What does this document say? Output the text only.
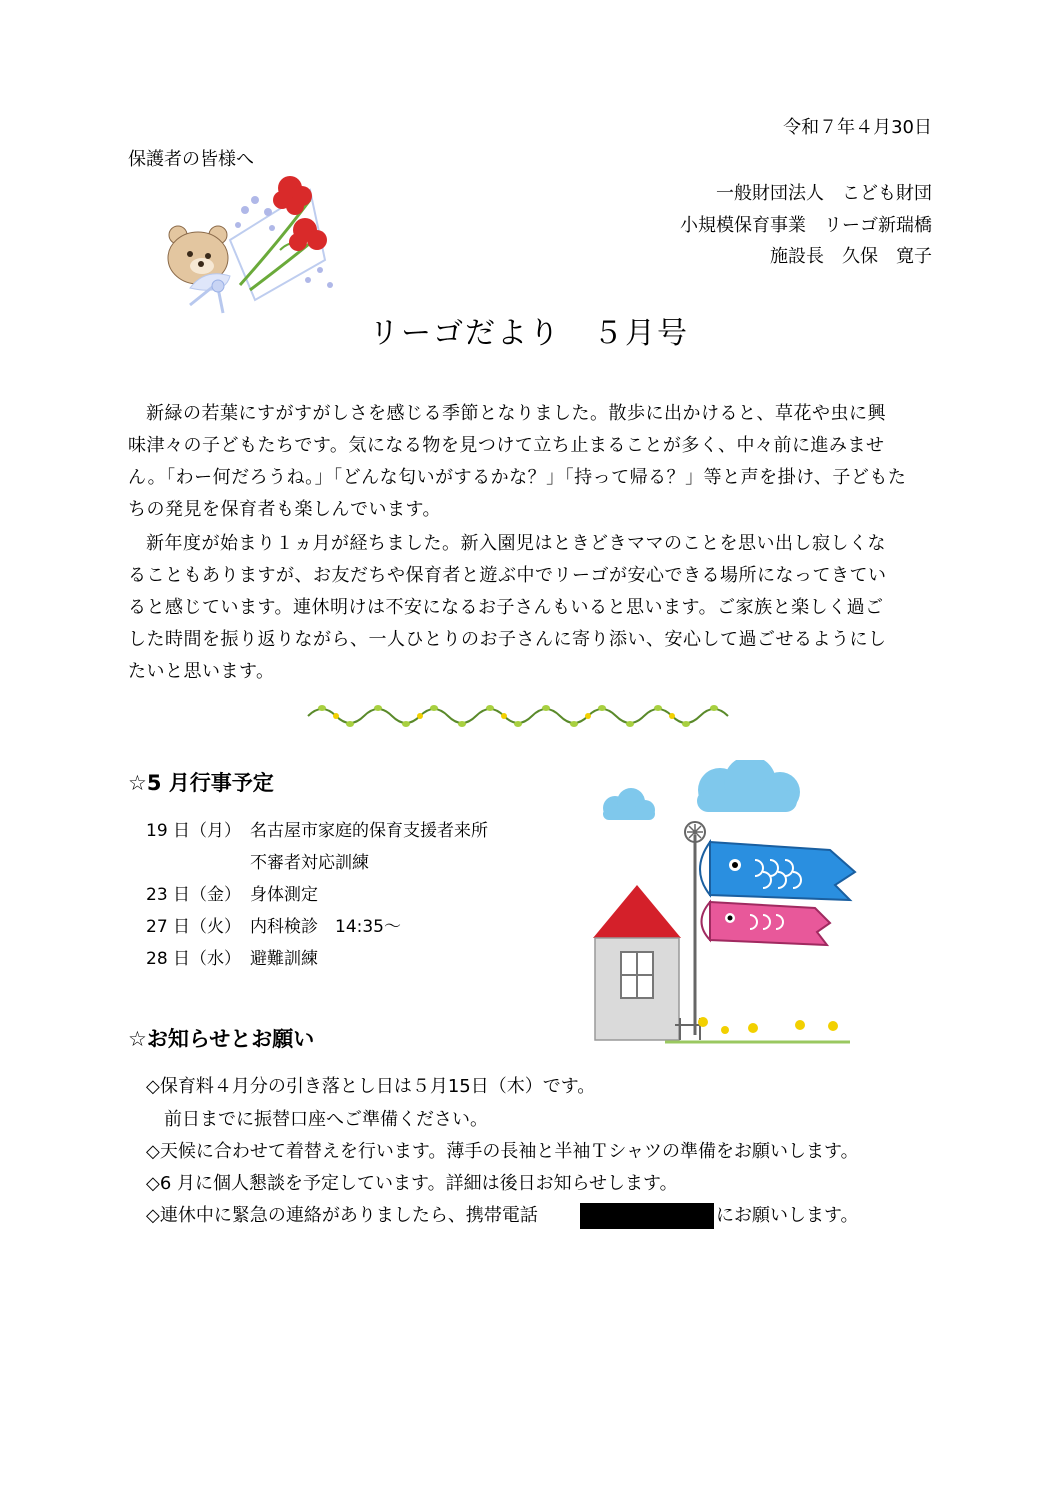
令和７年４月30日
保護者の皆様へ
一般財団法人　こども財団
小規模保育事業　リーゴ新瑞橋
施設長　久保　寛子
リーゴだより　５月号
新緑の若葉にすがすがしさを感じる季節となりました。散歩に出かけると、草花や虫に興
味津々の子どもたちです。気になる物を見つけて立ち止まることが多く、中々前に進みませ
ん。「わー何だろうね。」「どんな匂いがするかな？」「持って帰る？」等と声を掛け、子どもた
ちの発見を保育者も楽しんでいます。
新年度が始まり１ヵ月が経ちました。新入園児はときどきママのことを思い出し寂しくな
ることもありますが、お友だちや保育者と遊ぶ中でリーゴが安心できる場所になってきてい
ると感じています。連休明けは不安になるお子さんもいると思います。ご家族と楽しく過ご
した時間を振り返りながら、一人ひとりのお子さんに寄り添い、安心して過ごせるようにし
たいと思います。
☆5 月行事予定
19 日（月） 名古屋市家庭的保育支援者来所
不審者対応訓練
23 日（金） 身体測定
27 日（火） 内科検診　14:35～
28 日（水） 避難訓練
☆お知らせとお願い
◇保育料４月分の引き落とし日は５月15日（木）です。
　前日までに振替口座へご準備ください。
◇天候に合わせて着替えを行います。薄手の長袖と半袖Ｔシャツの準備をお願いします。
◇6 月に個人懇談を予定しています。詳細は後日お知らせします。
◇連休中に緊急の連絡がありましたら、携帯電話	にお願いします。
